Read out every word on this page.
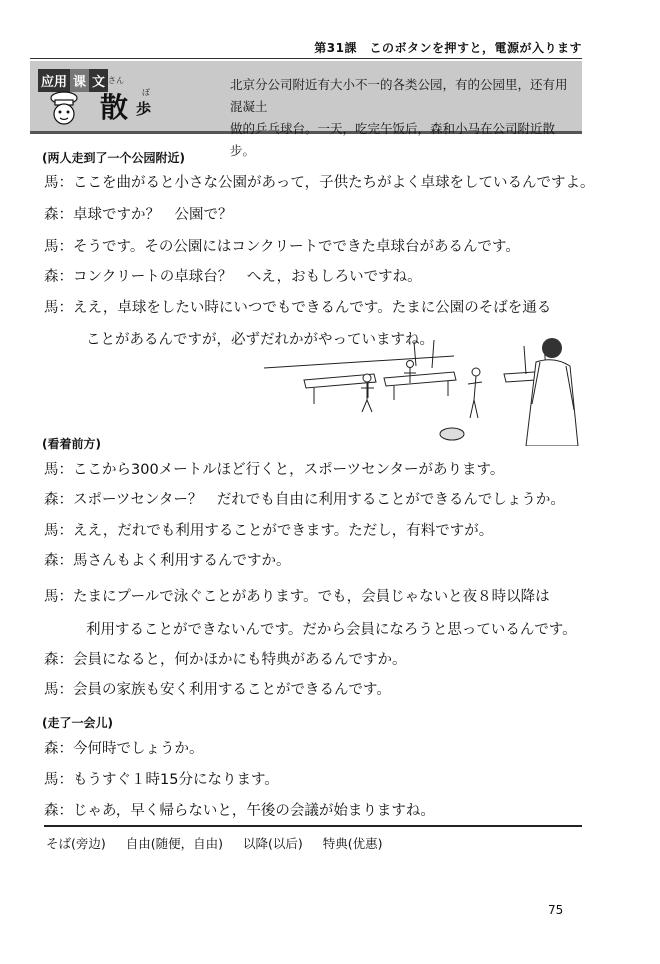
第31課　このボタンを押すと，電源が入ります
应用 课 文 さん
ぽ
散 歩
北京分公司附近有大小不一的各类公园，有的公园里，还有用混凝土
做的乒乓球台。一天，吃完午饭后，森和小马在公司附近散步。
(两人走到了一个公园附近)
馬：ここを曲がると小さな公園があって，子供たちがよく卓球をしているんですよ。
森：卓球ですか？　公園で？
馬：そうです。その公園にはコンクリートでできた卓球台があるんです。
森：コンクリートの卓球台？　へえ，おもしろいですね。
馬：ええ，卓球をしたい時にいつでもできるんです。たまに公園のそばを通る
ことがあるんですが，必ずだれかがやっていますね。
(看着前方)
馬：ここから300メートルほど行くと，スポーツセンターがあります。
森：スポーツセンター？　だれでも自由に利用することができるんでしょうか。
馬：ええ，だれでも利用することができます。ただし，有料ですが。
森：馬さんもよく利用するんですか。
馬：たまにプールで泳ぐことがあります。でも，会員じゃないと夜８時以降は
利用することができないんです。だから会員になろうと思っているんです。
森：会員になると，何かほかにも特典があるんですか。
馬：会員の家族も安く利用することができるんです。
(走了一会儿)
森：今何時でしょうか。
馬：もうすぐ１時15分になります。
森：じゃあ，早く帰らないと，午後の会議が始まりますね。
そば(旁边) 自由(随便，自由) 以降(以后) 特典(优惠)
75
